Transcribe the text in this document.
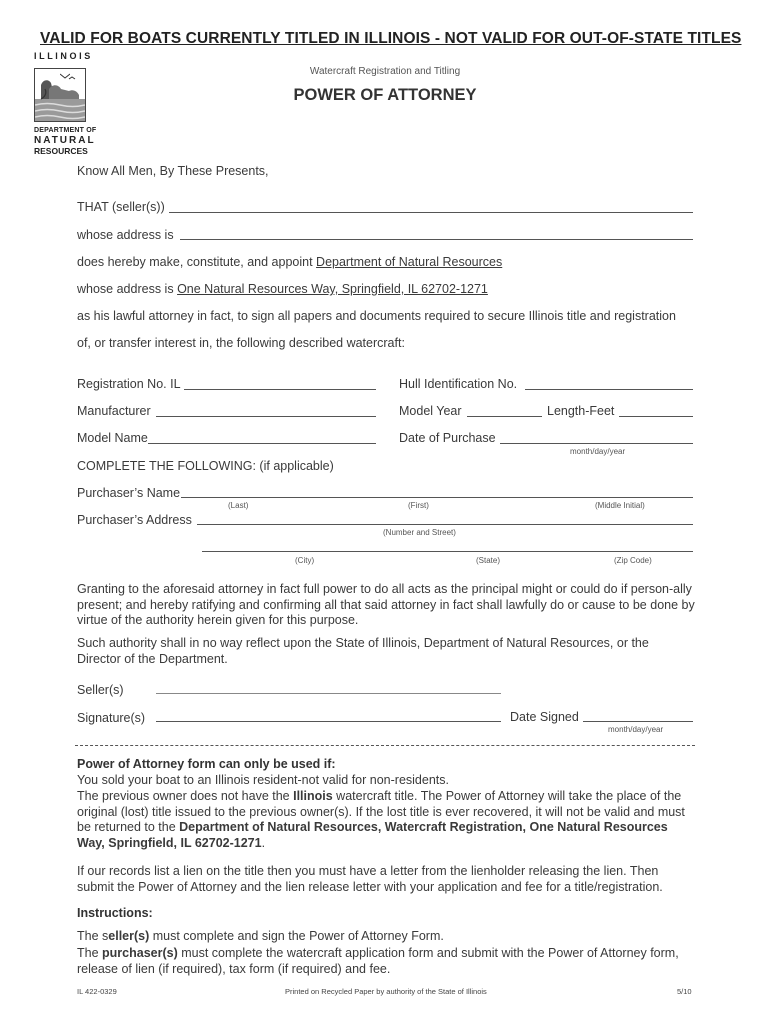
VALID FOR BOATS CURRENTLY TITLED IN ILLINOIS - NOT VALID FOR OUT-OF-STATE TITLES
ILLINOIS
DEPARTMENT OF
NATURAL
RESOURCES
Watercraft Registration and Titling
POWER OF ATTORNEY
Know All Men, By These Presents,
THAT (seller(s))
whose address is
does hereby make, constitute, and appoint Department of Natural Resources
whose address is One Natural Resources Way, Springfield, IL 62702-1271
as his lawful attorney in fact, to sign all papers and documents required to secure Illinois title and registration
of, or transfer interest in, the following described watercraft:
Registration No. IL	Hull Identification No.
Manufacturer	Model Year	Length-Feet
Model Name	Date of Purchase
month/day/year
COMPLETE THE FOLLOWING: (if applicable)
Purchaser’s Name
(Last)	(First)	(Middle Initial)
Purchaser’s Address
(Number and Street)
(City)	(State)	(Zip Code)
Granting to the aforesaid attorney in fact full power to do all acts as the principal might or could do if person-ally present; and hereby ratifying and confirming all that said attorney in fact shall lawfully do or cause to be done by virtue of the authority herein given for this purpose.
Such authority shall in no way reflect upon the State of Illinois, Department of Natural Resources, or the Director of the Department.
Seller(s)
Signature(s)	Date Signed
month/day/year
Power of Attorney form can only be used if:
You sold your boat to an Illinois resident-not valid for non-residents.
The previous owner does not have the Illinois watercraft title. The Power of Attorney will take the place of the original (lost) title issued to the previous owner(s). If the lost title is ever recovered, it will not be valid and must be returned to the Department of Natural Resources, Watercraft Registration, One Natural Resources Way, Springfield, IL 62702-1271.
If our records list a lien on the title then you must have a letter from the lienholder releasing the lien. Then submit the Power of Attorney and the lien release letter with your application and fee for a title/registration.
Instructions:
The seller(s) must complete and sign the Power of Attorney Form.
The purchaser(s) must complete the watercraft application form and submit with the Power of Attorney form, release of lien (if required), tax form (if required) and fee.
IL 422-0329	Printed on Recycled Paper by authority of the State of Illinois	5/10
